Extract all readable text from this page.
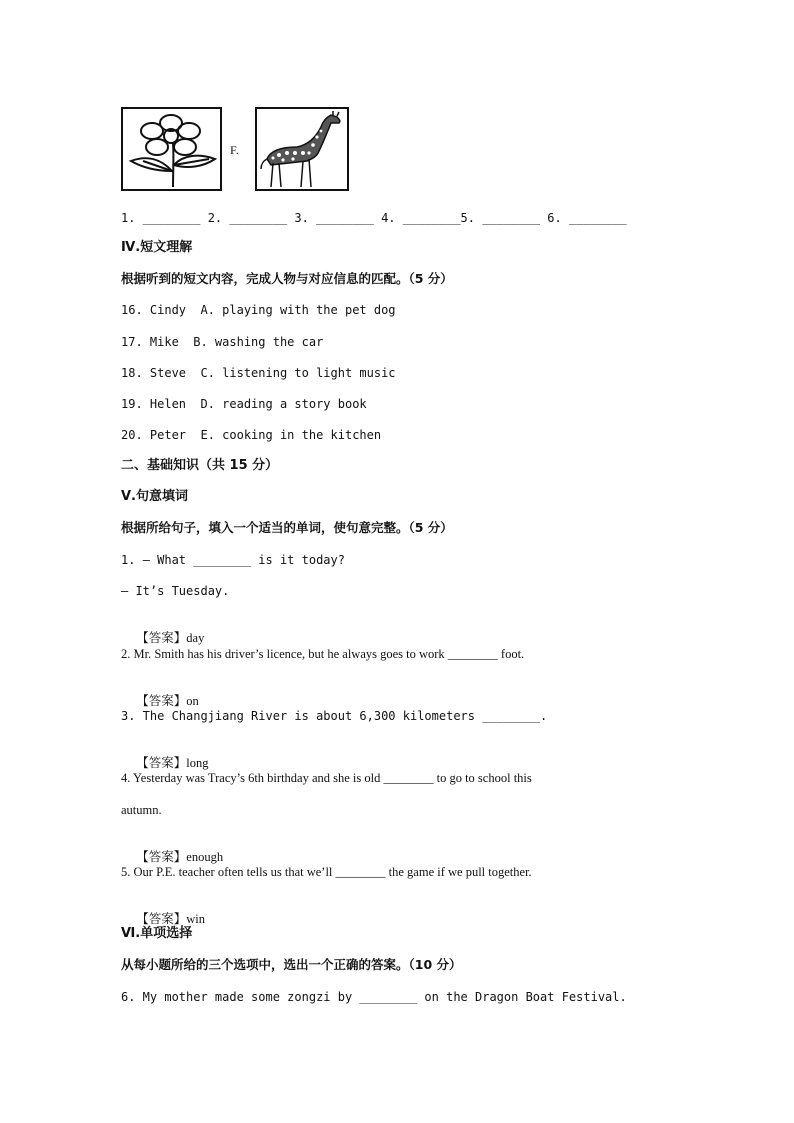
F.
1. ________ 2. ________ 3. ________ 4. ________5. ________ 6. ________
Ⅳ.短文理解
根据听到的短文内容，完成人物与对应信息的匹配。（5 分）
16. Cindy  A. playing with the pet dog
17. Mike  B. washing the car
18. Steve  C. listening to light music
19. Helen  D. reading a story book
20. Peter  E. cooking in the kitchen
二、基础知识（共 15 分）
Ⅴ.句意填词
根据所给句子，填入一个适当的单词，使句意完整。（5 分）
1. — What ________ is it today?
— It’s Tuesday.

【答案】day

2. Mr. Smith has his driver’s licence, but he always goes to work ________ foot.

【答案】on

3. The Changjiang River is about 6,300 kilometers ________.

【答案】long

4. Yesterday was Tracy’s 6th birthday and she is old ________ to go to school this
autumn.

【答案】enough

5. Our P.E. teacher often tells us that we’ll ________ the game if we pull together.

【答案】win

Ⅵ.单项选择
从每小题所给的三个选项中，选出一个正确的答案。（10 分）
6. My mother made some zongzi by ________ on the Dragon Boat Festival.
